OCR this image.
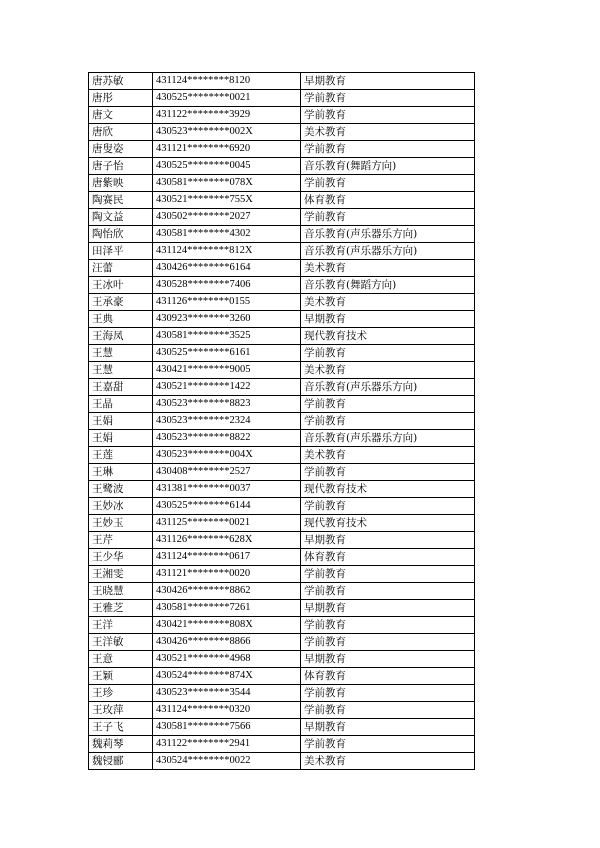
唐苏敏	431124********8120	早期教育
唐彤	430525********0021	学前教育
唐文	431122********3929	学前教育
唐欣	430523********002X	美术教育
唐叟姿	431121********6920	学前教育
唐子怡	430525********0045	音乐教育(舞蹈方向)
唐紫映	430581********078X	学前教育
陶赛民	430521********755X	体育教育
陶文益	430502********2027	学前教育
陶怡欣	430581********4302	音乐教育(声乐器乐方向)
田泽平	431124********812X	音乐教育(声乐器乐方向)
汪蕾	430426********6164	美术教育
王冰叶	430528********7406	音乐教育(舞蹈方向)
王承豪	431126********0155	美术教育
王典	430923********3260	早期教育
王海凤	430581********3525	现代教育技术
王慧	430525********6161	学前教育
王慧	430421********9005	美术教育
王嘉甜	430521********1422	音乐教育(声乐器乐方向)
王晶	430523********8823	学前教育
王娟	430523********2324	学前教育
王娟	430523********8822	音乐教育(声乐器乐方向)
王莲	430523********004X	美术教育
王琳	430408********2527	学前教育
王鹭波	431381********0037	现代教育技术
王妙冰	430525********6144	学前教育
王妙玉	431125********0021	现代教育技术
王芹	431126********628X	早期教育
王少华	431124********0617	体育教育
王湘雯	431121********0020	学前教育
王晓慧	430426********8862	学前教育
王雅芝	430581********7261	早期教育
王洋	430421********808X	学前教育
王洋敏	430426********8866	学前教育
王意	430521********4968	早期教育
王颖	430524********874X	体育教育
王珍	430523********3544	学前教育
王玫萍	431124********0320	学前教育
王子飞	430581********7566	早期教育
魏莉琴	431122********2941	学前教育
魏锓郦	430524********0022	美术教育
